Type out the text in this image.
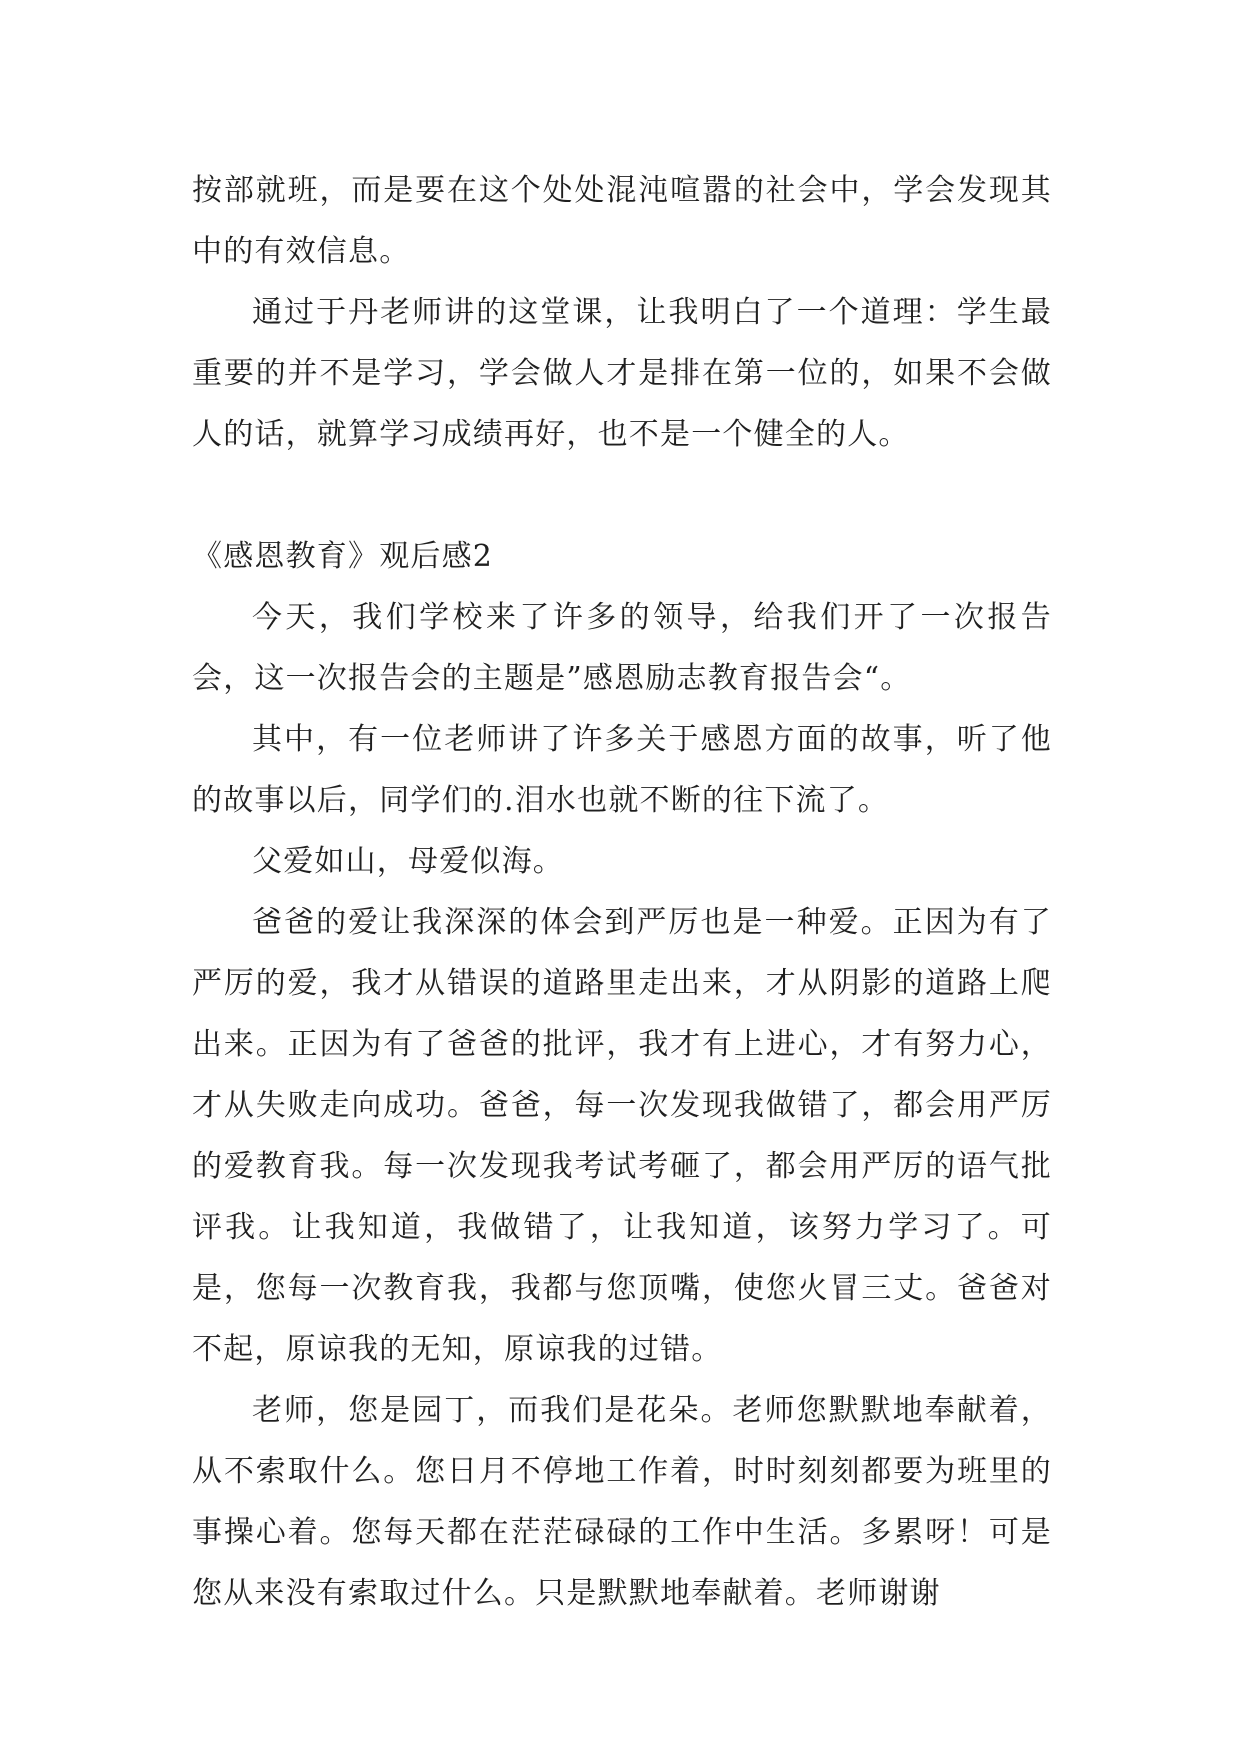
按部就班，而是要在这个处处混沌喧嚣的社会中，学会发现其中的有效信息。

通过于丹老师讲的这堂课，让我明白了一个道理：学生最重要的并不是学习，学会做人才是排在第一位的，如果不会做人的话，就算学习成绩再好，也不是一个健全的人。

《感恩教育》观后感2

今天，我们学校来了许多的领导，给我们开了一次报告会，这一次报告会的主题是”感恩励志教育报告会“。

其中，有一位老师讲了许多关于感恩方面的故事，听了他的故事以后，同学们的.泪水也就不断的往下流了。

父爱如山，母爱似海。

爸爸的爱让我深深的体会到严厉也是一种爱。正因为有了严厉的爱，我才从错误的道路里走出来，才从阴影的道路上爬出来。正因为有了爸爸的批评，我才有上进心，才有努力心，才从失败走向成功。爸爸，每一次发现我做错了，都会用严厉的爱教育我。每一次发现我考试考砸了，都会用严厉的语气批评我。让我知道，我做错了，让我知道，该努力学习了。可是，您每一次教育我，我都与您顶嘴，使您火冒三丈。爸爸对不起，原谅我的无知，原谅我的过错。

老师，您是园丁，而我们是花朵。老师您默默地奉献着，从不索取什么。您日月不停地工作着，时时刻刻都要为班里的事操心着。您每天都在茫茫碌碌的工作中生活。多累呀！可是您从来没有索取过什么。只是默默地奉献着。老师谢谢
